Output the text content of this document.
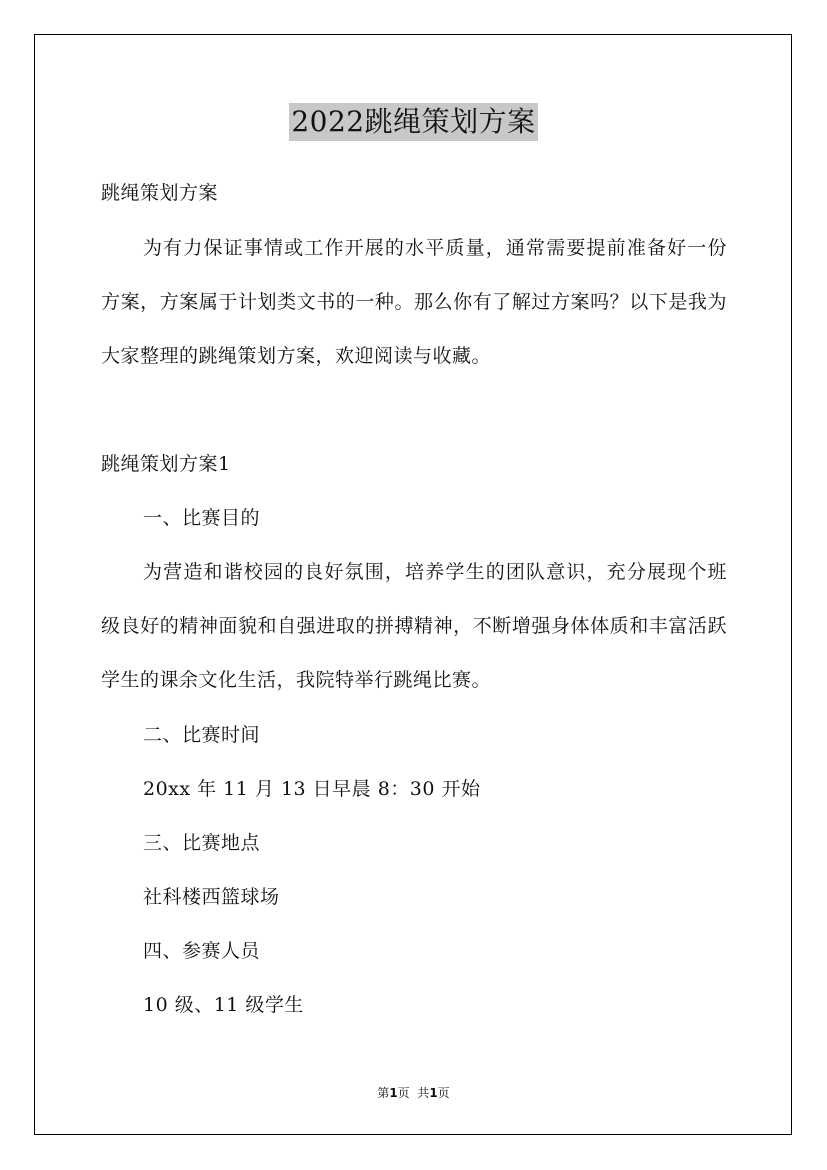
2022跳绳策划方案

跳绳策划方案

为有力保证事情或工作开展的水平质量，通常需要提前准备好一份方案，方案属于计划类文书的一种。那么你有了解过方案吗？以下是我为大家整理的跳绳策划方案，欢迎阅读与收藏。

跳绳策划方案1

一、比赛目的

为营造和谐校园的良好氛围，培养学生的团队意识，充分展现个班级良好的精神面貌和自强进取的拼搏精神，不断增强身体体质和丰富活跃学生的课余文化生活，我院特举行跳绳比赛。

二、比赛时间

20xx 年 11 月 13 日早晨 8：30 开始

三、比赛地点

社科楼西篮球场

四、参赛人员

10 级、11 级学生

第1页  共1页
